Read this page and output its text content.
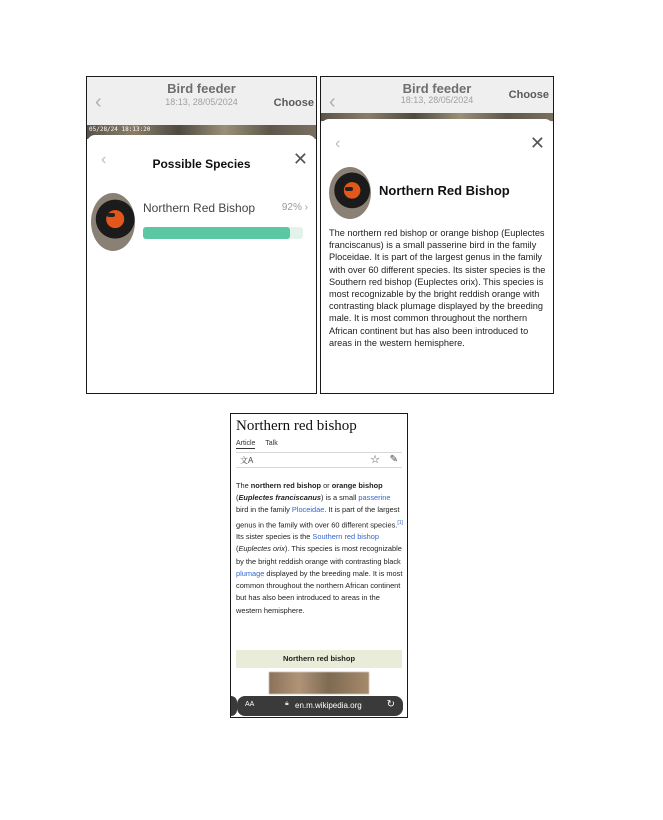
‹
Bird feeder
18:13, 28/05/2024	Choose
05/28/24 18:13:20
‹	Possible Species	✕
Northern Red Bishop	92% ›
‹
Bird feeder
18:13, 28/05/2024	Choose
‹	✕
Northern Red Bishop
The northern red bishop or orange bishop (Euplectes franciscanus) is a small passerine bird in the family Ploceidae. It is part of the largest genus in the family with over 60 different species. Its sister species is the Southern red bishop (Euplectes orix). This species is most recognizable by the bright reddish orange with contrasting black plumage displayed by the breeding male. It is most common throughout the northern African continent but has also been introduced to areas in the western hemisphere.
Northern red bishop
Article Talk
文A	☆ ✎
The northern red bishop or orange bishop (Euplectes franciscanus) is a small passerine bird in the family Ploceidae. It is part of the largest genus in the family with over 60 different species.[1] Its sister species is the Southern red bishop (Euplectes orix). This species is most recognizable by the bright reddish orange with contrasting black plumage displayed by the breeding male. It is most common throughout the northern African continent but has also been introduced to areas in the western hemisphere.
Northern red bishop
AA	🔒︎ en.m.wikipedia.org ↻
